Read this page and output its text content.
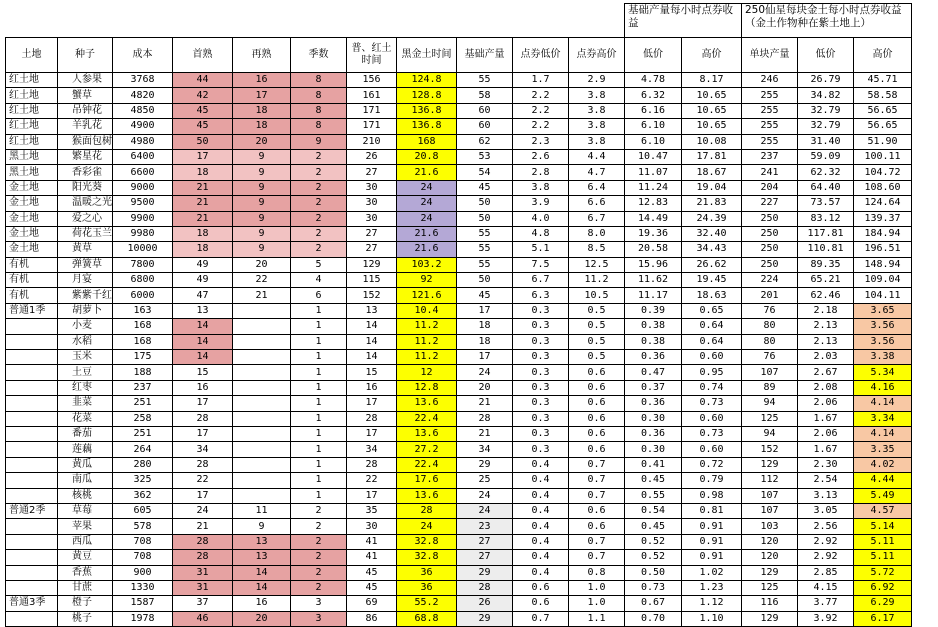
											基础产量每小时点券收益		250仙星每块金土每小时点券收益（金土作物种在紫土地上）		
土地	种子	成本	首熟	再熟	季数	普、红土时间	黑金土时间	基础产量	点券低价	点券高价	低价	高价	单块产量	低价	高价
红土地	人参果	3768	44	16	8	156	124.8	55	1.7	2.9	4.78	8.17	246	26.79	45.71
红土地	蟹草	4820	42	17	8	161	128.8	58	2.2	3.8	6.32	10.65	255	34.82	58.58
红土地	吊钟花	4850	45	18	8	171	136.8	60	2.2	3.8	6.16	10.65	255	32.79	56.65
红土地	羊乳花	4900	45	18	8	171	136.8	60	2.2	3.8	6.10	10.65	255	32.79	56.65
红土地	猴面包树	4980	50	20	9	210	168	62	2.3	3.8	6.10	10.08	255	31.40	51.90
黑土地	繁星花	6400	17	9	2	26	20.8	53	2.6	4.4	10.47	17.81	237	59.09	100.11
黑土地	香彩雀	6600	18	9	2	27	21.6	54	2.8	4.7	11.07	18.67	241	62.32	104.72
金土地	阳光葵	9000	21	9	2	30	24	45	3.8	6.4	11.24	19.04	204	64.40	108.60
金土地	温暖之光	9500	21	9	2	30	24	50	3.9	6.6	12.83	21.83	227	73.57	124.64
金土地	爱之心	9900	21	9	2	30	24	50	4.0	6.7	14.49	24.39	250	83.12	139.37
金土地	荷花玉兰	9980	18	9	2	27	21.6	55	4.8	8.0	19.36	32.40	250	117.81	184.94
金土地	黄草	10000	18	9	2	27	21.6	55	5.1	8.5	20.58	34.43	250	110.81	196.51
有机	弹簧草	7800	49	20	5	129	103.2	55	7.5	12.5	15.96	26.62	250	89.35	148.94
有机	月宴	6800	49	22	4	115	92	50	6.7	11.2	11.62	19.45	224	65.21	109.04
有机	紫紫千红	6000	47	21	6	152	121.6	45	6.3	10.5	11.17	18.63	201	62.46	104.11
普通1季	胡萝卜	163	13		1	13	10.4	17	0.3	0.5	0.39	0.65	76	2.18	3.65
	小麦	168	14		1	14	11.2	18	0.3	0.5	0.38	0.64	80	2.13	3.56
	水稻	168	14		1	14	11.2	18	0.3	0.5	0.38	0.64	80	2.13	3.56
	玉米	175	14		1	14	11.2	17	0.3	0.5	0.36	0.60	76	2.03	3.38
	土豆	188	15		1	15	12	24	0.3	0.6	0.47	0.95	107	2.67	5.34
	红枣	237	16		1	16	12.8	20	0.3	0.6	0.37	0.74	89	2.08	4.16
	韭菜	251	17		1	17	13.6	21	0.3	0.6	0.36	0.73	94	2.06	4.14
	花菜	258	28		1	28	22.4	28	0.3	0.6	0.30	0.60	125	1.67	3.34
	番茄	251	17		1	17	13.6	21	0.3	0.6	0.36	0.73	94	2.06	4.14
	莲藕	264	34		1	34	27.2	34	0.3	0.6	0.30	0.60	152	1.67	3.35
	黄瓜	280	28		1	28	22.4	29	0.4	0.7	0.41	0.72	129	2.30	4.02
	南瓜	325	22		1	22	17.6	25	0.4	0.7	0.45	0.79	112	2.54	4.44
	核桃	362	17		1	17	13.6	24	0.4	0.7	0.55	0.98	107	3.13	5.49
普通2季	草莓	605	24	11	2	35	28	24	0.4	0.6	0.54	0.81	107	3.05	4.57
	苹果	578	21	9	2	30	24	23	0.4	0.6	0.45	0.91	103	2.56	5.14
	西瓜	708	28	13	2	41	32.8	27	0.4	0.7	0.52	0.91	120	2.92	5.11
	黄豆	708	28	13	2	41	32.8	27	0.4	0.7	0.52	0.91	120	2.92	5.11
	香蕉	900	31	14	2	45	36	29	0.4	0.8	0.50	1.02	129	2.85	5.72
	甘蔗	1330	31	14	2	45	36	28	0.6	1.0	0.73	1.23	125	4.15	6.92
普通3季	橙子	1587	37	16	3	69	55.2	26	0.6	1.0	0.67	1.12	116	3.77	6.29
	桃子	1978	46	20	3	86	68.8	29	0.7	1.1	0.70	1.10	129	3.92	6.17
